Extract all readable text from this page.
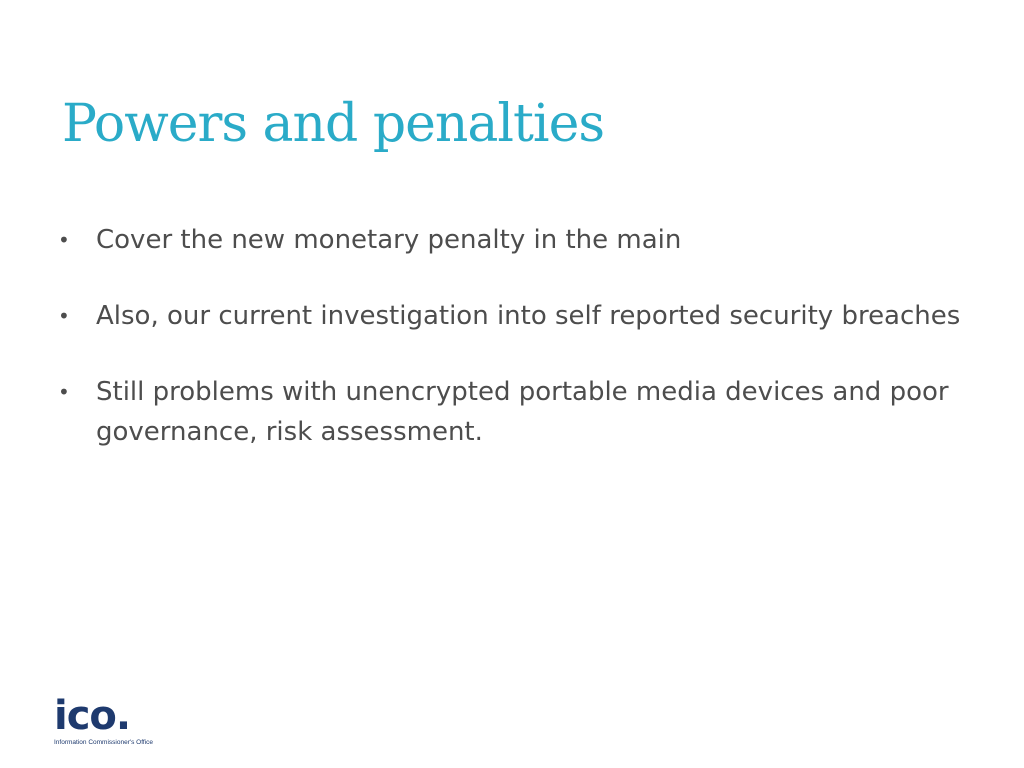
Powers and penalties
•	Cover the new monetary penalty in the main
•	Also, our current investigation into self reported security breaches
•	Still problems with unencrypted portable media devices and poor governance, risk assessment.
ico.
Information Commissioner's Office
